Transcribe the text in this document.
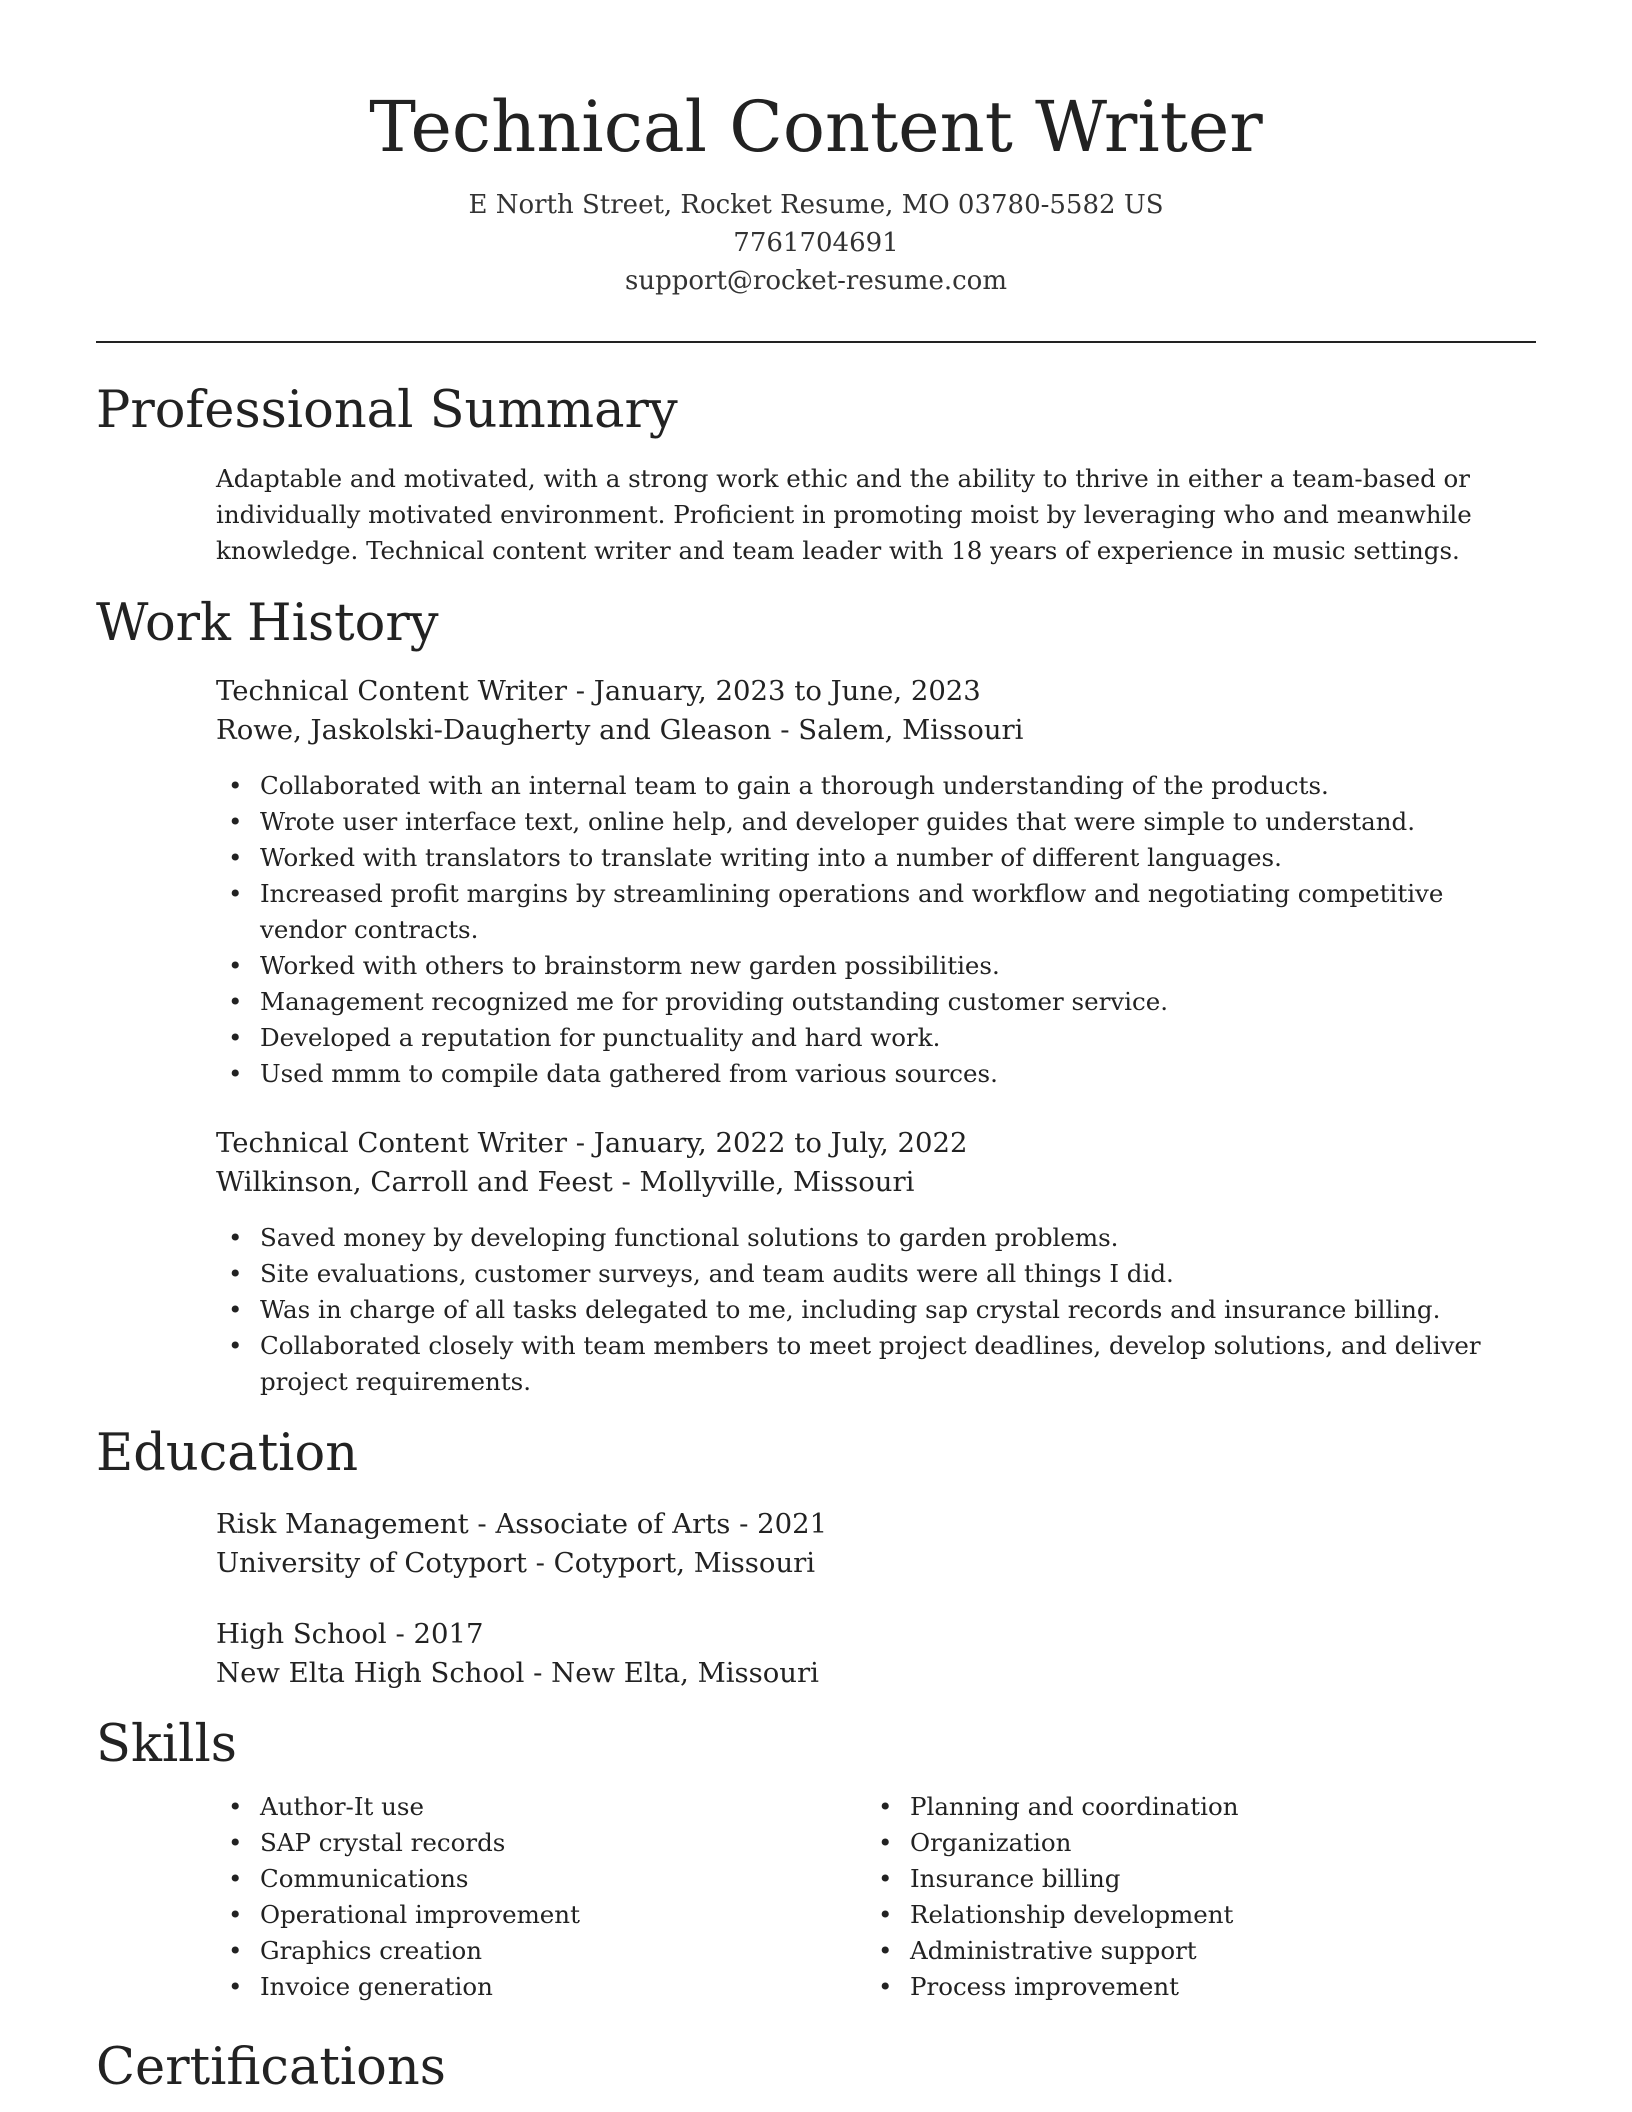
Technical Content Writer
E North Street, Rocket Resume, MO 03780-5582 US
7761704691
support@rocket-resume.com
Professional Summary

Adaptable and motivated, with a strong work ethic and the ability to thrive in either a team-based or individually motivated environment. Proficient in promoting moist by leveraging who and meanwhile knowledge. Technical content writer and team leader with 18 years of experience in music settings.

Work History
Technical Content Writer - January, 2023 to June, 2023
Rowe, Jaskolski-Daugherty and Gleason - Salem, Missouri
• Collaborated with an internal team to gain a thorough understanding of the products.
• Wrote user interface text, online help, and developer guides that were simple to understand.
• Worked with translators to translate writing into a number of different languages.
• Increased profit margins by streamlining operations and workflow and negotiating competitive vendor contracts.
• Worked with others to brainstorm new garden possibilities.
• Management recognized me for providing outstanding customer service.
• Developed a reputation for punctuality and hard work.
• Used mmm to compile data gathered from various sources.
Technical Content Writer - January, 2022 to July, 2022
Wilkinson, Carroll and Feest - Mollyville, Missouri
• Saved money by developing functional solutions to garden problems.
• Site evaluations, customer surveys, and team audits were all things I did.
• Was in charge of all tasks delegated to me, including sap crystal records and insurance billing.
• Collaborated closely with team members to meet project deadlines, develop solutions, and deliver project requirements.
Education
Risk Management - Associate of Arts - 2021
University of Cotyport - Cotyport, Missouri
High School - 2017
New Elta High School - New Elta, Missouri
Skills
• Author-It use
• SAP crystal records
• Communications
• Operational improvement
• Graphics creation
• Invoice generation
• Planning and coordination
• Organization
• Insurance billing
• Relationship development
• Administrative support
• Process improvement
Certifications
